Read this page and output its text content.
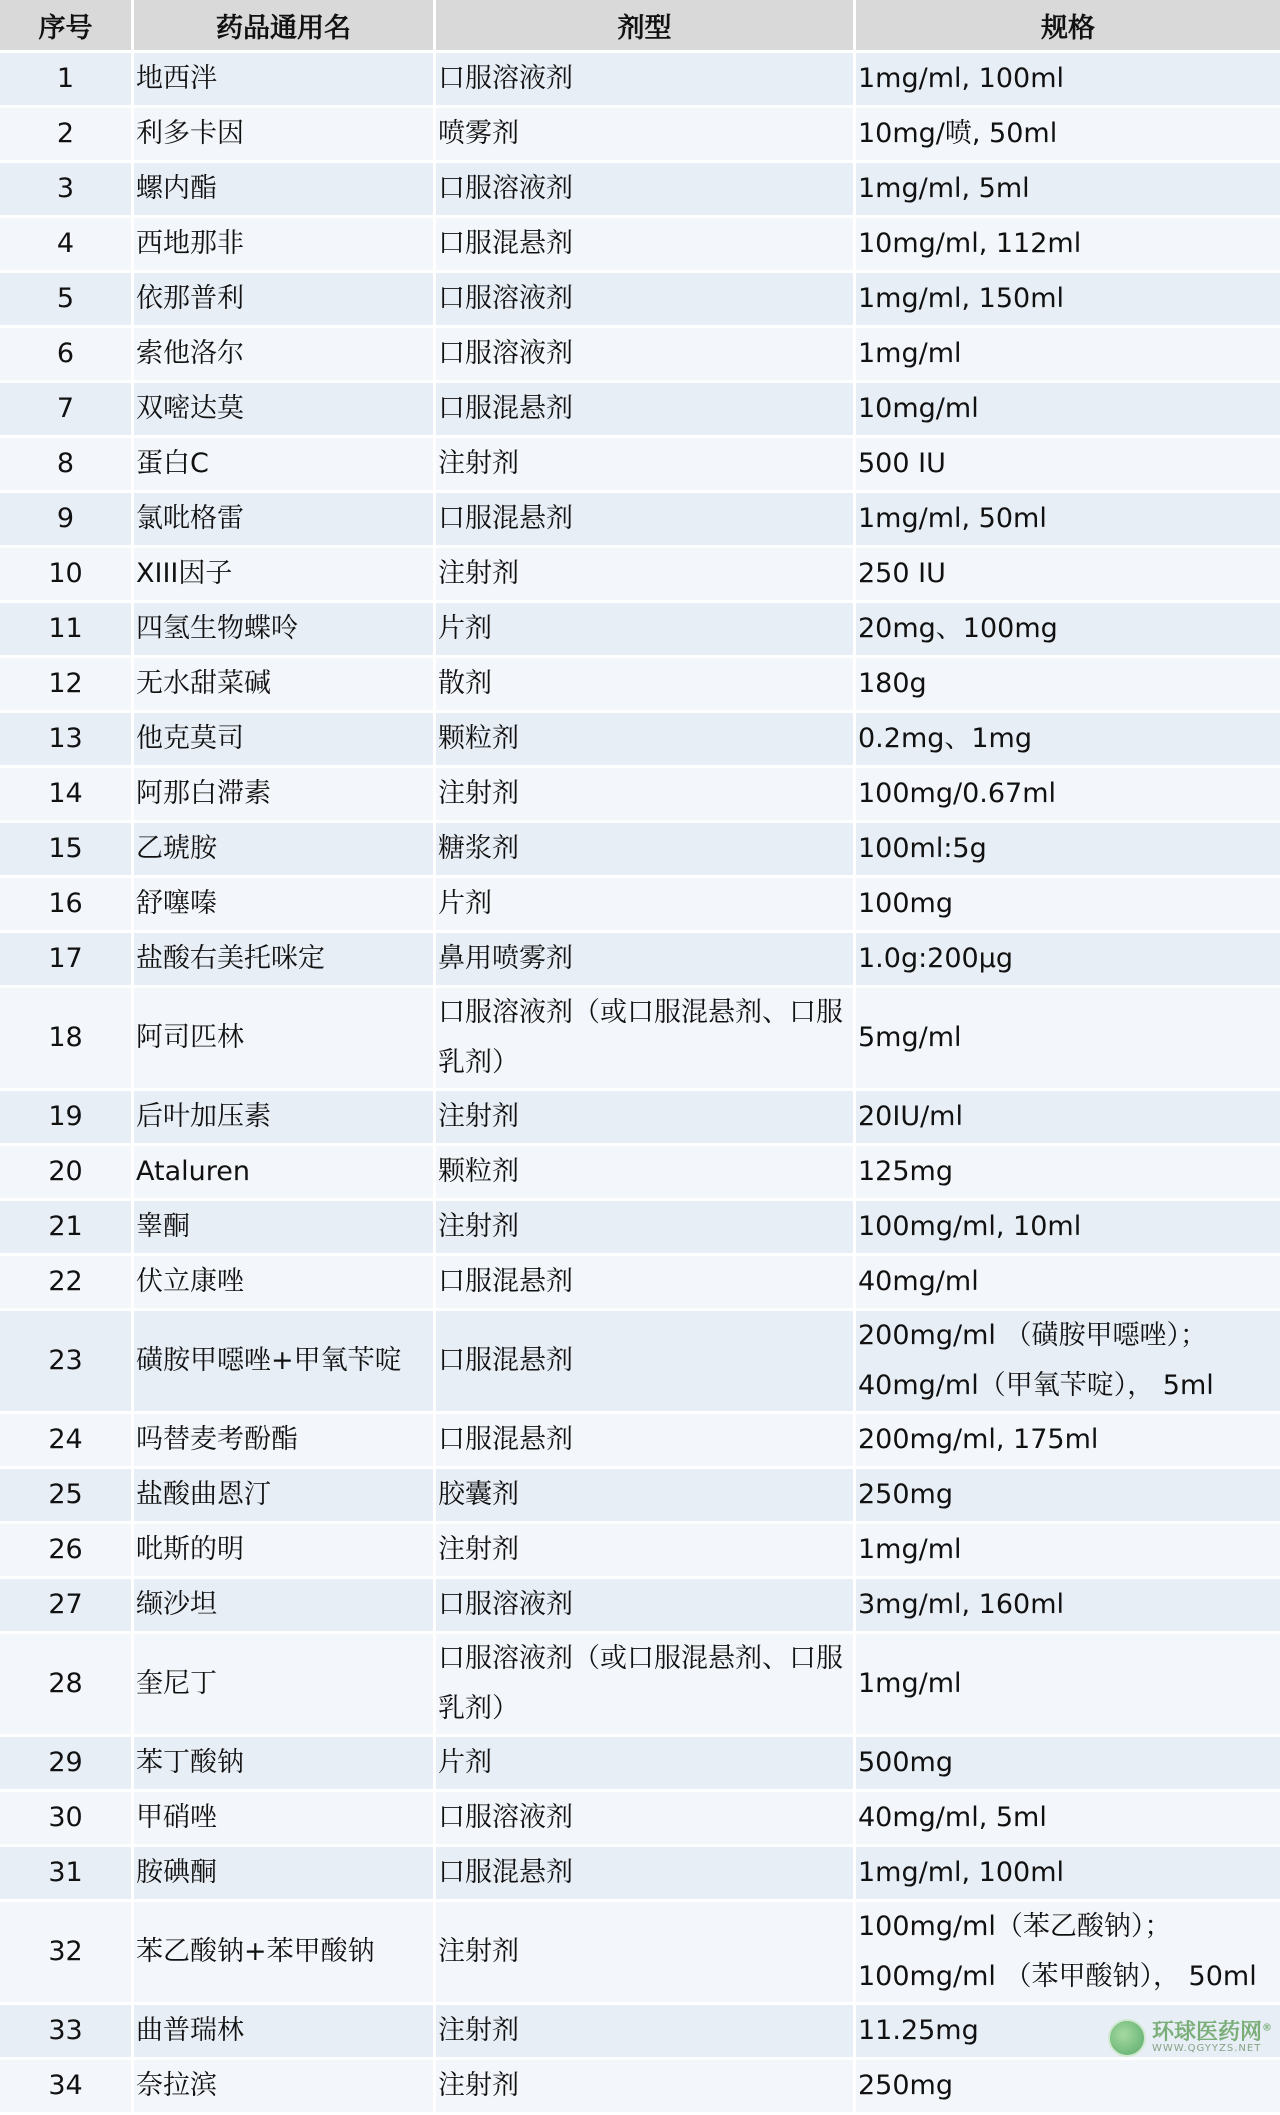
序号	药品通用名	剂型	规格
1	地西泮	口服溶液剂	1mg/ml, 100ml
2	利多卡因	喷雾剂	10mg/喷, 50ml
3	螺内酯	口服溶液剂	1mg/ml, 5ml
4	西地那非	口服混悬剂	10mg/ml, 112ml
5	依那普利	口服溶液剂	1mg/ml, 150ml
6	索他洛尔	口服溶液剂	1mg/ml
7	双嘧达莫	口服混悬剂	10mg/ml
8	蛋白C	注射剂	500 IU
9	氯吡格雷	口服混悬剂	1mg/ml, 50ml
10	XIII因子	注射剂	250 IU
11	四氢生物蝶呤	片剂	20mg、100mg
12	无水甜菜碱	散剂	180g
13	他克莫司	颗粒剂	0.2mg、1mg
14	阿那白滞素	注射剂	100mg/0.67ml
15	乙琥胺	糖浆剂	100ml:5g
16	舒噻嗪	片剂	100mg
17	盐酸右美托咪定	鼻用喷雾剂	1.0g:200μg
18	阿司匹林	口服溶液剂（或口服混悬剂、口服乳剂）	5mg/ml
19	后叶加压素	注射剂	20IU/ml
20	Ataluren	颗粒剂	125mg
21	睾酮	注射剂	100mg/ml, 10ml
22	伏立康唑	口服混悬剂	40mg/ml
23	磺胺甲噁唑+甲氧苄啶	口服混悬剂	200mg/ml （磺胺甲噁唑）；40mg/ml（甲氧苄啶）， 5ml
24	吗替麦考酚酯	口服混悬剂	200mg/ml, 175ml
25	盐酸曲恩汀	胶囊剂	250mg
26	吡斯的明	注射剂	1mg/ml
27	缬沙坦	口服溶液剂	3mg/ml, 160ml
28	奎尼丁	口服溶液剂（或口服混悬剂、口服乳剂）	1mg/ml
29	苯丁酸钠	片剂	500mg
30	甲硝唑	口服溶液剂	40mg/ml, 5ml
31	胺碘酮	口服混悬剂	1mg/ml, 100ml
32	苯乙酸钠+苯甲酸钠	注射剂	100mg/ml（苯乙酸钠）；100mg/ml （苯甲酸钠）， 50ml
33	曲普瑞林	注射剂	11.25mg
34	奈拉滨	注射剂	250mg
环球医药网®
WWW.QGYYZS.NET
